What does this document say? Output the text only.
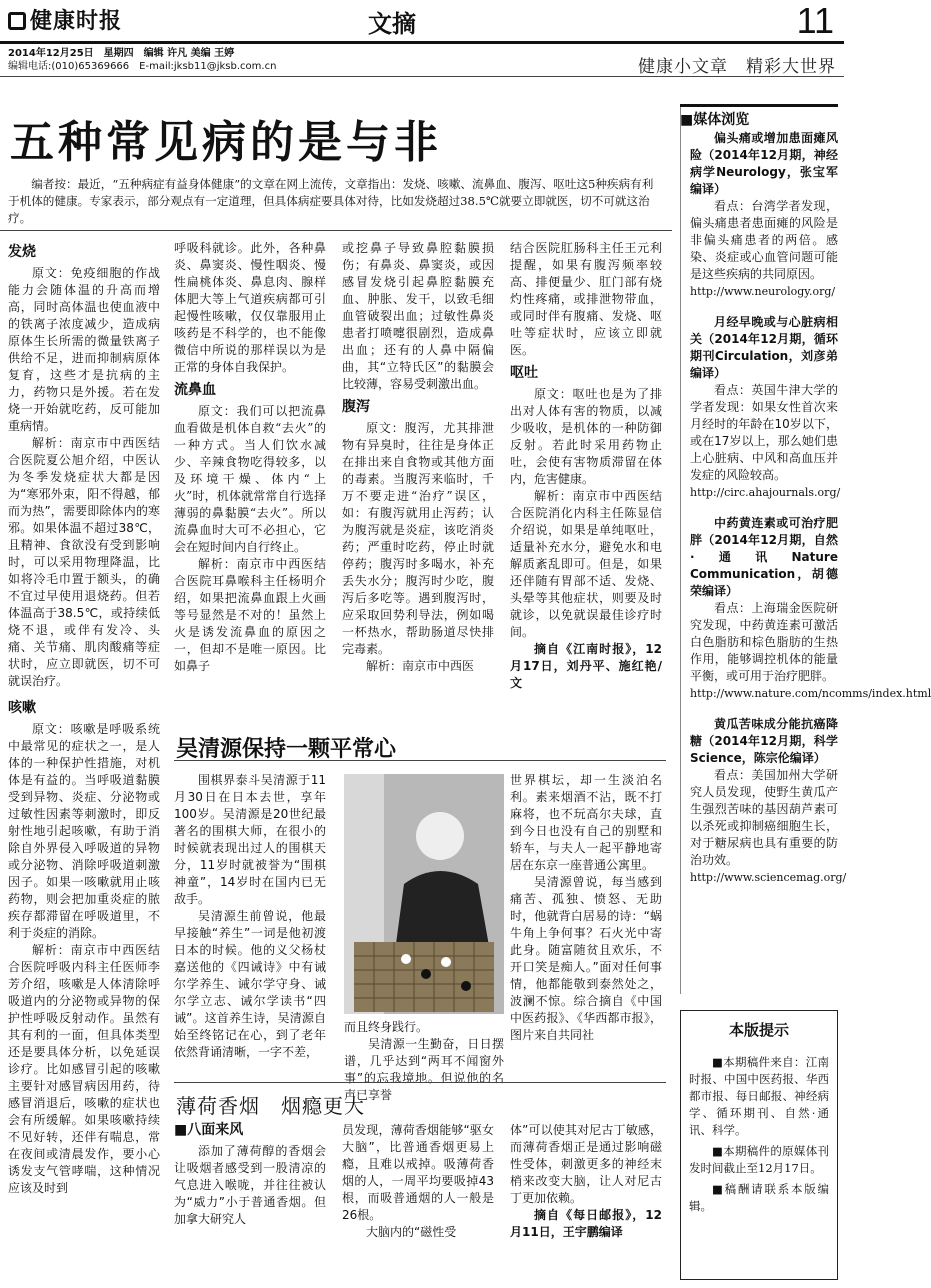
健康时报	文摘	11
2014年12月25日　星期四　编辑 许凡 美编 王婷
编辑电话:(010)65369666　E-mail:jksb11@jksb.com.cn	健康小文章　精彩大世界
五种常见病的是与非
编者按：最近，“五种病症有益身体健康”的文章在网上流传，文章指出：发烧、咳嗽、流鼻血、腹泻、呕吐这5种疾病有利于机体的健康。专家表示，部分观点有一定道理，但具体病症要具体对待，比如发烧超过38.5℃就要立即就医，切不可就这治疗。
发烧

原文：免疫细胞的作战能力会随体温的升高而增高，同时高体温也使血液中的铁离子浓度减少，造成病原体生长所需的微量铁离子供给不足，进而抑制病原体复育，这些才是抗病的主力，药物只是外援。若在发烧一开始就吃药，反可能加重病情。

解析：南京市中西医结合医院夏公旭介绍，中医认为冬季发烧症状大都是因为“寒邪外束，阳不得越，郁而为热”，需要即除体内的寒邪。如果体温不超过38℃，且精神、食欲没有受到影响时，可以采用物理降温，比如将冷毛巾置于额头，的确不宜过早使用退烧药。但若体温高于38.5℃，或持续低烧不退，或伴有发冷、头痛、关节痛、肌肉酸痛等症状时，应立即就医，切不可就误治疗。

咳嗽

原文：咳嗽是呼吸系统中最常见的症状之一，是人体的一种保护性措施，对机体是有益的。当呼吸道黏膜受到异物、炎症、分泌物或过敏性因素等刺激时，即反射性地引起咳嗽，有助于消除自外界侵入呼吸道的异物或分泌物、消除呼吸道刺激因子。如果一咳嗽就用止咳药物，则会把加重炎症的脓疾存都滞留在呼吸道里，不利于炎症的消除。

解析：南京市中西医结合医院呼吸内科主任医师李芳介绍，咳嗽是人体清除呼吸道内的分泌物或异物的保护性呼吸反射动作。虽然有其有利的一面，但具体类型还是要具体分析，以免延误诊疗。比如感冒引起的咳嗽主要针对感冒病因用药，待感冒消退后，咳嗽的症状也会有所缓解。如果咳嗽持续不见好转，还伴有喘息，常在夜间或清晨发作，要小心诱发支气管哮喘，这种情况应该及时到

呼吸科就诊。此外，各种鼻炎、鼻窦炎、慢性咽炎、慢性扁桃体炎、鼻息肉、腺样体肥大等上气道疾病都可引起慢性咳嗽，仅仅靠服用止咳药是不科学的，也不能像微信中所说的那样误以为是正常的身体自我保护。

流鼻血

原文：我们可以把流鼻血看做是机体自救“去火”的一种方式。当人们饮水减少、辛辣食物吃得较多，以及环境干燥、体内“上火”时，机体就常常自行选择薄弱的鼻黏膜“去火”。所以流鼻血时大可不必担心，它会在短时间内自行终止。

解析：南京市中西医结合医院耳鼻喉科主任杨明介绍，如果把流鼻血跟上火画等号显然是不对的！虽然上火是诱发流鼻血的原因之一，但却不是唯一原因。比如鼻子

或挖鼻子导致鼻腔黏膜损伤；有鼻炎、鼻窦炎，或因感冒发烧引起鼻腔黏膜充血、肿胀、发干，以致毛细血管破裂出血；过敏性鼻炎患者打喷嚏很剧烈，造成鼻出血；还有的人鼻中隔偏曲，其“立特氏区”的黏膜会比较薄，容易受刺激出血。

腹泻

原文：腹泻，尤其排泄物有异臭时，往往是身体正在排出来自食物或其他方面的毒素。当腹泻来临时，千万不要走进“治疗”误区，如：有腹泻就用止泻药；认为腹泻就是炎症，该吃消炎药；严重时吃药，停止时就停药；腹泻时多喝水，补充丢失水分；腹泻时少吃，腹泻后多吃等。遇到腹泻时，应采取回势利导法，例如喝一杯热水，帮助肠道尽快排完毒素。

解析：南京市中西医

结合医院肛肠科主任王元利提醒，如果有腹泻频率较高、排便量少、肛门部有烧灼性疼痛，或排泄物带血，或同时伴有腹痛、发烧、呕吐等症状时，应该立即就医。

呕吐

原文：呕吐也是为了排出对人体有害的物质，以减少吸收，是机体的一种防御反射。若此时采用药物止吐，会使有害物质滞留在体内，危害健康。

解析：南京市中西医结合医院消化内科主任陈显信介绍说，如果是单纯呕吐，适量补充水分，避免水和电解质紊乱即可。但是，如果还伴随有胃部不适、发烧、头晕等其他症状，则要及时就诊，以免就误最佳诊疗时间。

摘自《江南时报》，12月17日，刘丹平、施红艳/文

吴清源保持一颗平常心

围棋界泰斗吴清源于11月30日在日本去世，享年100岁。吴清源是20世纪最著名的围棋大师，在很小的时候就表现出过人的围棋天分，11岁时就被誉为“围棋神童”，14岁时在国内已无敌手。

吴清源生前曾说，他最早接触“养生”一词是他初渡日本的时候。他的义父杨杖嘉送他的《四诫诗》中有诫尔学养生、诫尔学守身、诫尔学立志、诫尔学读书“四诫”。这首养生诗，吴清源自始至终铭记在心，到了老年依然背诵清晰，一字不差，

而且终身践行。

吴清源一生勤奋，日日摆谱，几乎达到“两耳不闻窗外事”的忘我境地。但说他的名声已享誉

世界棋坛，却一生淡泊名利。素来烟酒不沾，既不打麻将，也不玩高尔夫球，直到今日也没有自己的别墅和轿车，与夫人一起平静地寄居在东京一座普通公寓里。

吴清源曾说，每当感到痛苦、孤独、愤怒、无助时，他就背白居易的诗：“蜗牛角上争何事？石火光中寄此身。随富随贫且欢乐，不开口笑是痴人。”面对任何事情，他都能敬到泰然处之，波澜不惊。综合摘自《中国中医药报》、《华西都市报》，图片来自共同社

薄荷香烟　烟瘾更大
■八面来风

添加了薄荷醇的香烟会让吸烟者感受到一股清凉的气息进入喉咙，并往往被认为“威力”小于普通香烟。但加拿大研究人

员发现，薄荷香烟能够“驱女大脑”，比普通香烟更易上瘾，且难以戒掉。吸薄荷香烟的人，一周平均要吸掉43根，而吸普通烟的人一般是26根。

大脑内的“磁性受

体”可以使其对尼古丁敏感，而薄荷香烟正是通过影响磁性受体，刺激更多的神经末梢来改变大脑，让人对尼古丁更加依赖。

摘自《每日邮报》，12月11日，王宇鹏编译

■媒体浏览

偏头痛或增加患面瘫风险（2014年12月期，神经病学Neurology，张宝军编译）

看点：台湾学者发现，偏头痛患者患面瘫的风险是非偏头痛患者的两倍。感染、炎症或心血管问题可能是这些疾病的共同原因。

http://www.neurology.org/

月经早晚或与心脏病相关（2014年12月期，循环期刊Circulation，刘彦弟编译）

看点：英国牛津大学的学者发现：如果女性首次来月经时的年龄在10岁以下，或在17岁以上，那么她们患上心脏病、中风和高血压并发症的风险较高。

http://circ.ahajournals.org/

中药黄连素或可治疗肥胖（2014年12月期，自然·通讯Nature Communication，胡德荣编译）

看点：上海瑞金医院研究发现，中药黄连素可激活白色脂肪和棕色脂肪的生热作用，能够调控机体的能量平衡，或可用于治疗肥胖。

http://www.nature.com/ncomms/index.html

黄瓜苦味成分能抗癌降糖（2014年12月期，科学Science，陈宗伦编译）

看点：美国加州大学研究人员发现，使野生黄瓜产生强烈苦味的基因葫芦素可以杀死或抑制癌细胞生长，对于糖尿病也具有重要的防治功效。

http://www.sciencemag.org/

本版提示

■本期稿件来自：江南时报、中国中医药报、华西都市报、每日邮报、神经病学、循环期刊、自然·通讯、科学。

■本期稿件的原媒体刊发时间截止至12月17日。

■稿酬请联系本版编辑。
